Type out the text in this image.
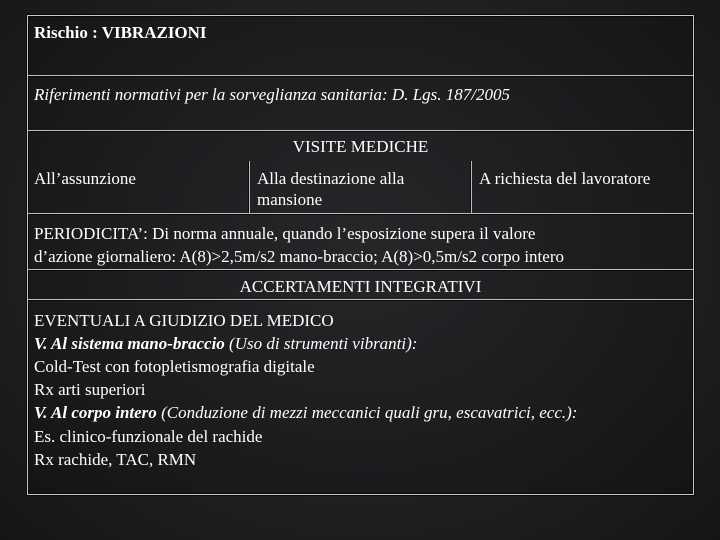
Rischio : VIBRAZIONI
Riferimenti normativi per la sorveglianza sanitaria: D. Lgs. 187/2005
VISITE MEDICHE
All’assunzione	Alla destinazione alla
mansione
A richiesta del lavoratore
PERIODICITA’: Di norma annuale, quando l’esposizione supera il valore
d’azione giornaliero: A(8)>2,5m/s2 mano-braccio; A(8)>0,5m/s2 corpo intero
ACCERTAMENTI INTEGRATIVI
EVENTUALI A GIUDIZIO DEL MEDICO
V. Al sistema mano-braccio (Uso di strumenti vibranti):
Cold-Test con fotopletismografia digitale
Rx arti superiori
V. Al corpo intero (Conduzione di mezzi meccanici quali gru, escavatrici, ecc.):
Es. clinico-funzionale del rachide
Rx rachide, TAC, RMN
